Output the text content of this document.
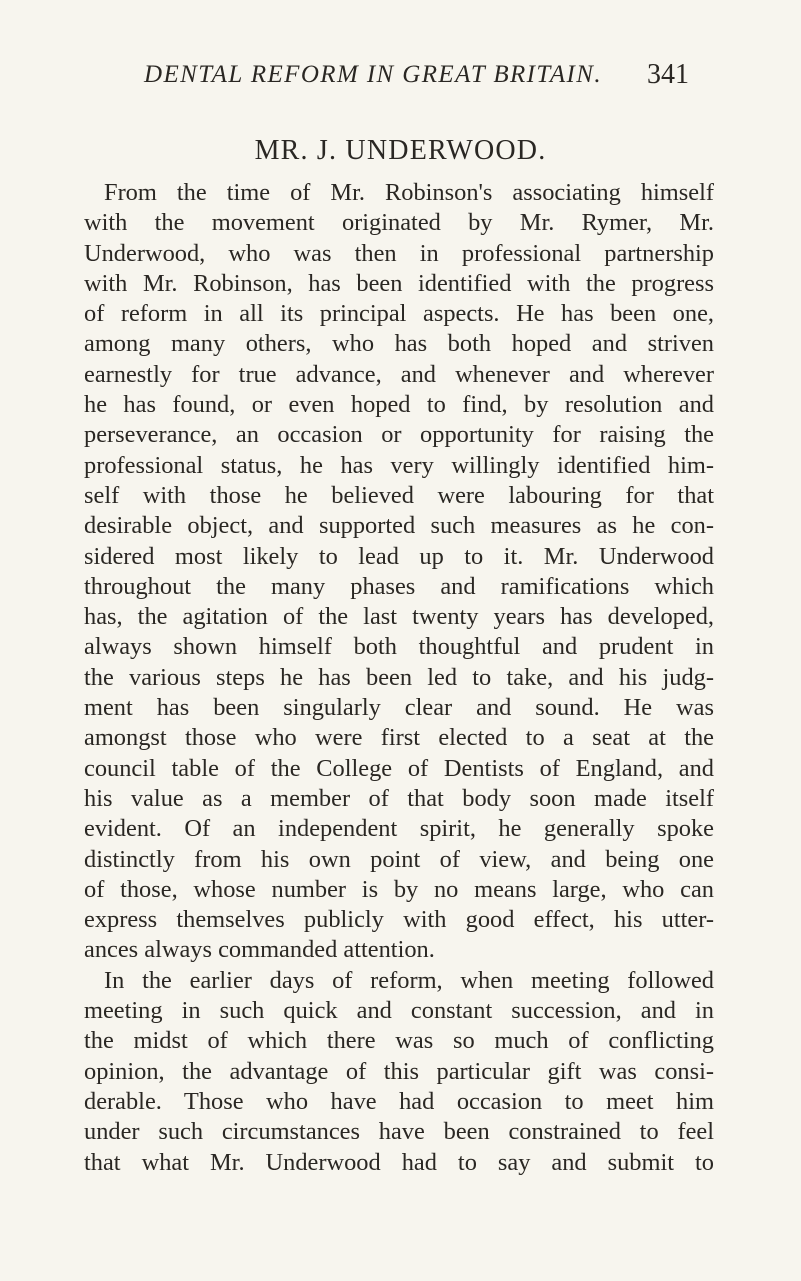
DENTAL REFORM IN GREAT BRITAIN. 341
MR. J. UNDERWOOD.
From the time of Mr. Robinson's associating himself
with the movement originated by Mr. Rymer, Mr.
Underwood, who was then in professional partnership
with Mr. Robinson, has been identified with the progress
of reform in all its principal aspects. He has been one,
among many others, who has both hoped and striven
earnestly for true advance, and whenever and wherever
he has found, or even hoped to find, by resolution and
perseverance, an occasion or opportunity for raising the
professional status, he has very willingly identified him-
self with those he believed were labouring for that
desirable object, and supported such measures as he con-
sidered most likely to lead up to it. Mr. Underwood
throughout the many phases and ramifications which
has, the agitation of the last twenty years has developed,
always shown himself both thoughtful and prudent in
the various steps he has been led to take, and his judg-
ment has been singularly clear and sound. He was
amongst those who were first elected to a seat at the
council table of the College of Dentists of England, and
his value as a member of that body soon made itself
evident. Of an independent spirit, he generally spoke
distinctly from his own point of view, and being one
of those, whose number is by no means large, who can
express themselves publicly with good effect, his utter-
ances always commanded attention.
In the earlier days of reform, when meeting followed
meeting in such quick and constant succession, and in
the midst of which there was so much of conflicting
opinion, the advantage of this particular gift was consi-
derable. Those who have had occasion to meet him
under such circumstances have been constrained to feel
that what Mr. Underwood had to say and submit to
